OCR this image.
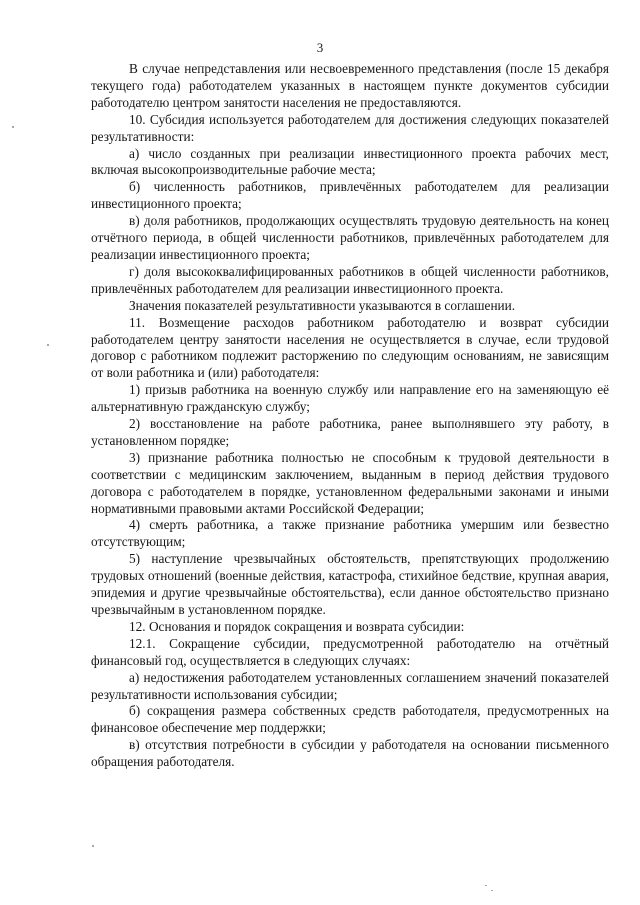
3

В случае непредставления или несвоевременного представления (после 15 декабря текущего года) работодателем указанных в настоящем пункте документов субсидии работодателю центром занятости населения не предоставляются.

10. Субсидия используется работодателем для достижения следующих показателей результативности:

а) число созданных при реализации инвестиционного проекта рабочих мест, включая высокопроизводительные рабочие места;

б) численность работников, привлечённых работодателем для реализации инвестиционного проекта;

в) доля работников, продолжающих осуществлять трудовую деятельность на конец отчётного периода, в общей численности работников, привлечённых работодателем для реализации инвестиционного проекта;

г) доля высококвалифицированных работников в общей численности работников, привлечённых работодателем для реализации инвестиционного проекта.

Значения показателей результативности указываются в соглашении.

11. Возмещение расходов работником работодателю и возврат субсидии работодателем центру занятости населения не осуществляется в случае, если трудовой договор с работником подлежит расторжению по следующим основаниям, не зависящим от воли работника и (или) работодателя:

1) призыв работника на военную службу или направление его на заменяющую её альтернативную гражданскую службу;

2) восстановление на работе работника, ранее выполнявшего эту работу, в установленном порядке;

3) признание работника полностью не способным к трудовой деятельности в соответствии с медицинским заключением, выданным в период действия трудового договора с работодателем в порядке, установленном федеральными законами и иными нормативными правовыми актами Российской Федерации;

4) смерть работника, а также признание работника умершим или безвестно отсутствующим;

5) наступление чрезвычайных обстоятельств, препятствующих продолжению трудовых отношений (военные действия, катастрофа, стихийное бедствие, крупная авария, эпидемия и другие чрезвычайные обстоятельства), если данное обстоятельство признано чрезвычайным в установленном порядке.

12. Основания и порядок сокращения и возврата субсидии:

12.1. Сокращение субсидии, предусмотренной работодателю на отчётный финансовый год, осуществляется в следующих случаях:

а) недостижения работодателем установленных соглашением значений показателей результативности использования субсидии;

б) сокращения размера собственных средств работодателя, предусмотренных на финансовое обеспечение мер поддержки;

в) отсутствия потребности в субсидии у работодателя на основании письменного обращения работодателя.
